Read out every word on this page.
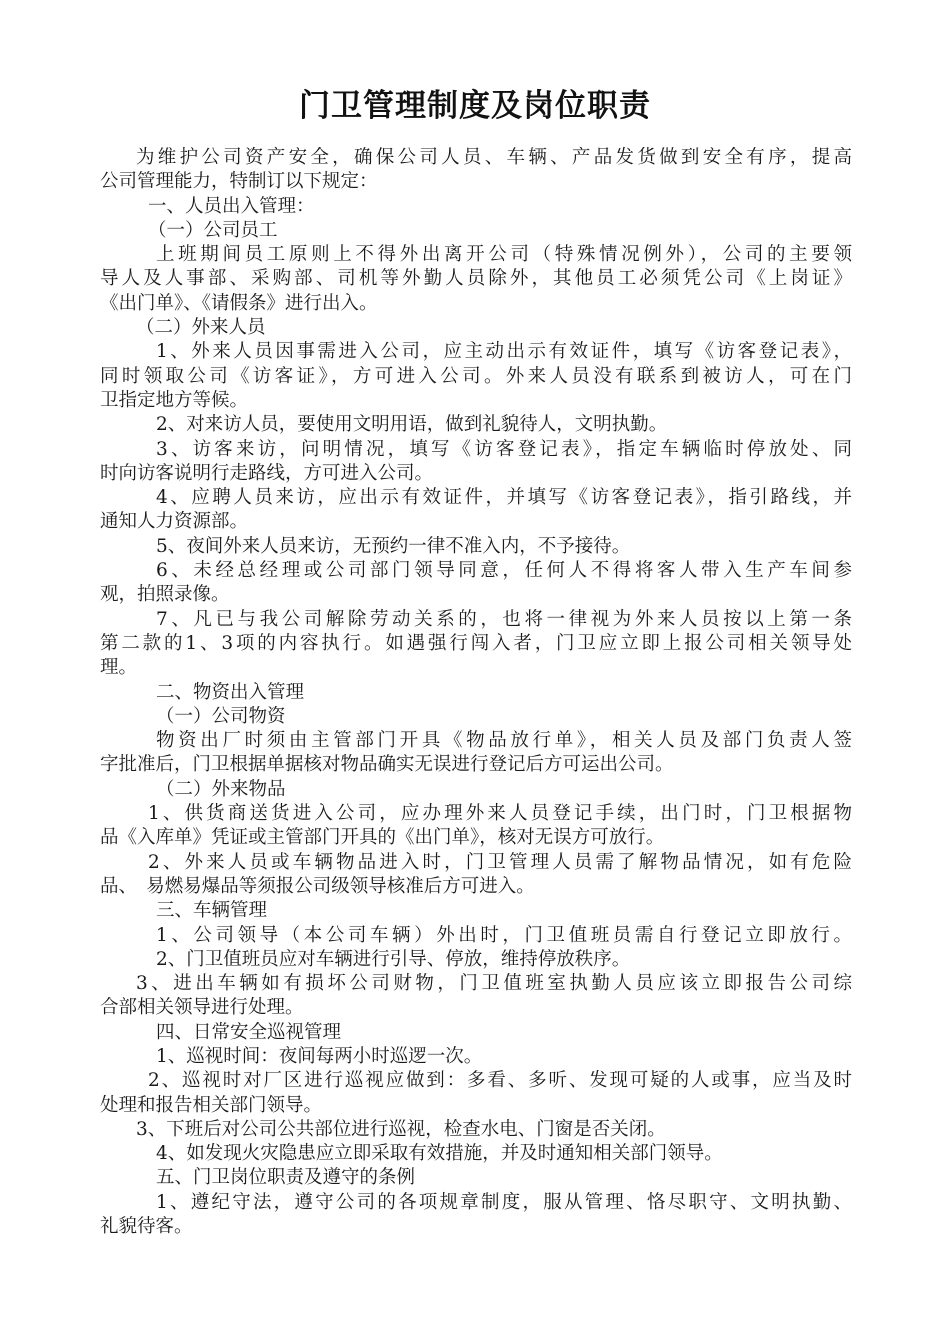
门卫管理制度及岗位职责

为维护公司资产安全，确保公司人员、车辆、产品发货做到安全有序，提高

公司管理能力，特制订以下规定：

一、人员出入管理：

（一）公司员工

上班期间员工原则上不得外出离开公司（特殊情况例外），公司的主要领

导人及人事部、采购部、司机等外勤人员除外，其他员工必须凭公司《上岗证》

《出门单》、《请假条》进行出入。

（二）外来人员

1、外来人员因事需进入公司，应主动出示有效证件，填写《访客登记表》，

同时领取公司《访客证》，方可进入公司。外来人员没有联系到被访人，可在门

卫指定地方等候。

2、对来访人员，要使用文明用语，做到礼貌待人，文明执勤。

3、访客来访，问明情况，填写《访客登记表》，指定车辆临时停放处、同

时向访客说明行走路线，方可进入公司。

4、应聘人员来访，应出示有效证件，并填写《访客登记表》，指引路线，并

通知人力资源部。

5、夜间外来人员来访，无预约一律不准入内，不予接待。

6、未经总经理或公司部门领导同意，任何人不得将客人带入生产车间参

观，拍照录像。

7、凡已与我公司解除劳动关系的，也将一律视为外来人员按以上第一条

第二款的1、3项的内容执行。如遇强行闯入者，门卫应立即上报公司相关领导处

理。

二、物资出入管理

（一）公司物资

物资出厂时须由主管部门开具《物品放行单》，相关人员及部门负责人签

字批准后，门卫根据单据核对物品确实无误进行登记后方可运出公司。

（二）外来物品

1、供货商送货进入公司，应办理外来人员登记手续，出门时，门卫根据物

品《入库单》凭证或主管部门开具的《出门单》，核对无误方可放行。

2、外来人员或车辆物品进入时，门卫管理人员需了解物品情况，如有危险

品、　易燃易爆品等须报公司级领导核准后方可进入。

三、车辆管理

1、公司领导（本公司车辆）外出时，门卫值班员需自行登记立即放行。

2、门卫值班员应对车辆进行引导、停放，维持停放秩序。

3、进出车辆如有损坏公司财物，门卫值班室执勤人员应该立即报告公司综

合部相关领导进行处理。

四、日常安全巡视管理

1、巡视时间：夜间每两小时巡逻一次。

2、巡视时对厂区进行巡视应做到：多看、多听、发现可疑的人或事，应当及时

处理和报告相关部门领导。

3、下班后对公司公共部位进行巡视，检查水电、门窗是否关闭。

4、如发现火灾隐患应立即采取有效措施，并及时通知相关部门领导。

五、门卫岗位职责及遵守的条例

1、遵纪守法，遵守公司的各项规章制度，服从管理、恪尽职守、文明执勤、

礼貌待客。
